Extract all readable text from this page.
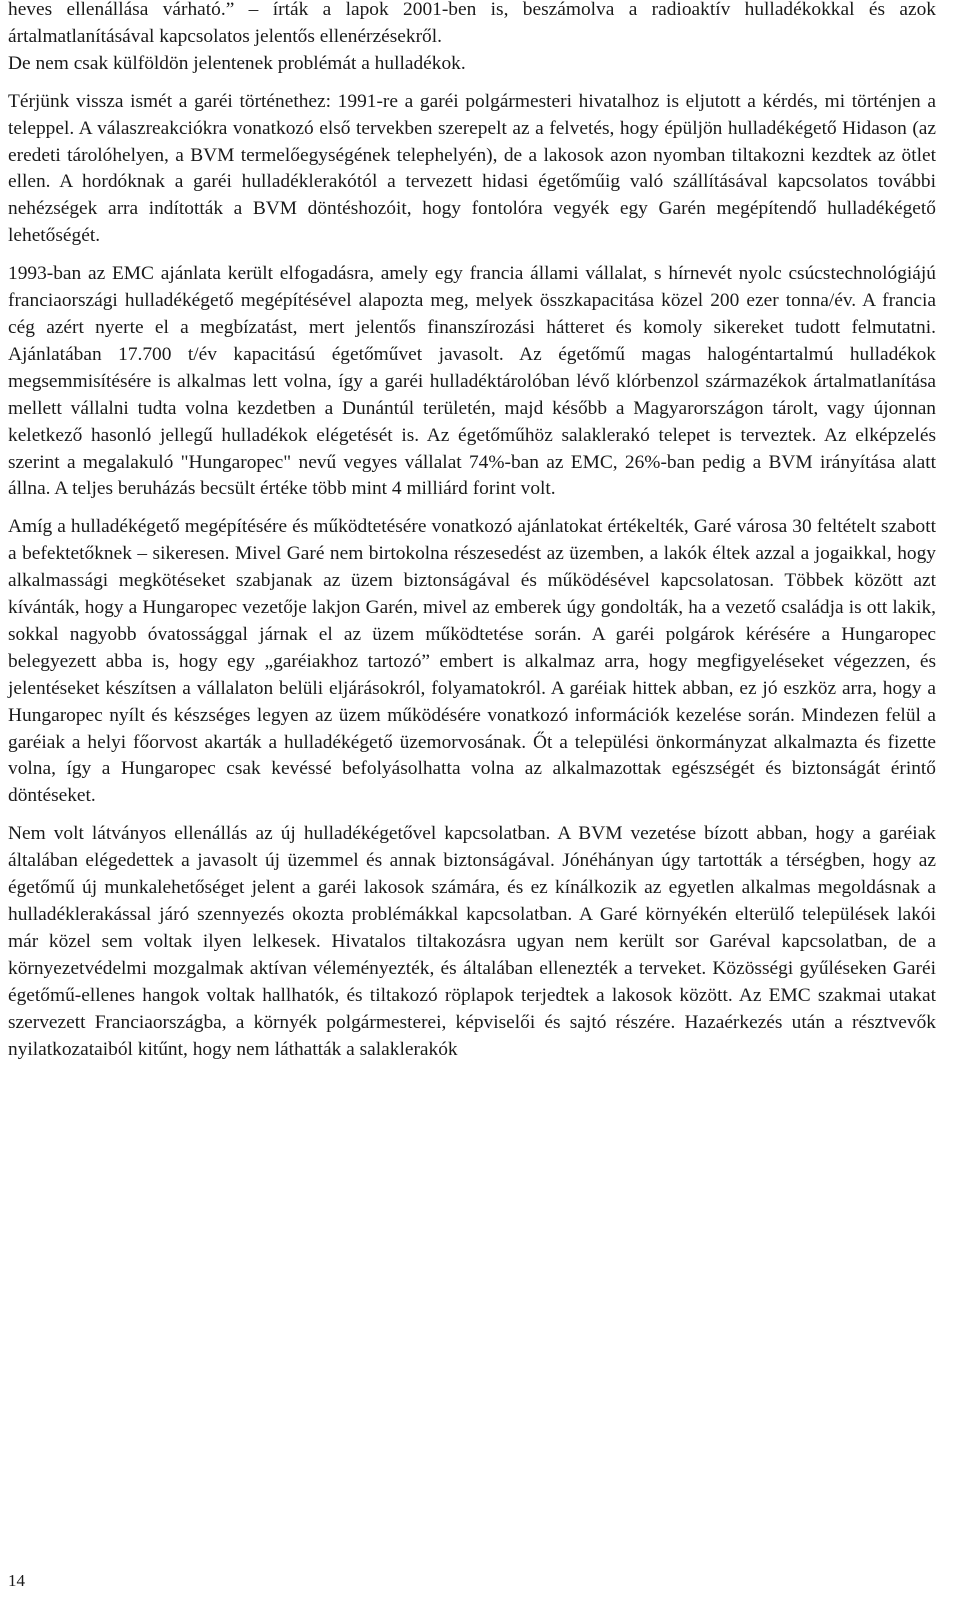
heves ellenállása várható.” – írták a lapok 2001-ben is, beszámolva a radioaktív hulladékokkal és azok ártalmatlanításával kapcsolatos jelentős ellenérzésekről.

De nem csak külföldön jelentenek problémát a hulladékok.

Térjünk vissza ismét a garéi történethez: 1991-re a garéi polgármesteri hivatalhoz is eljutott a kérdés, mi történjen a teleppel. A válaszreakciókra vonatkozó első tervekben szerepelt az a felvetés, hogy épüljön hulladékégető Hidason (az eredeti tárolóhelyen, a BVM termelőegységének telephelyén), de a lakosok azon nyomban tiltakozni kezdtek az ötlet ellen. A hordóknak a garéi hulladéklerakótól a tervezett hidasi égetőműig való szállításával kapcsolatos további nehézségek arra indították a BVM döntéshozóit, hogy fontolóra vegyék egy Garén megépítendő hulladékégető lehetőségét.

1993-ban az EMC ajánlata került elfogadásra, amely egy francia állami vállalat, s hírnevét nyolc csúcstechnológiájú franciaországi hulladékégető megépítésével alapozta meg, melyek összkapacitása közel 200 ezer tonna/év. A francia cég azért nyerte el a megbízatást, mert jelentős finanszírozási hátteret és komoly sikereket tudott felmutatni. Ajánlatában 17.700 t/év kapacitású égetőművet javasolt. Az égetőmű magas halogéntartalmú hulladékok megsemmisítésére is alkalmas lett volna, így a garéi hulladéktárolóban lévő klórbenzol származékok ártalmatlanítása mellett vállalni tudta volna kezdetben a Dunántúl területén, majd később a Magyarországon tárolt, vagy újonnan keletkező hasonló jellegű hulladékok elégetését is. Az égetőműhöz salaklerakó telepet is terveztek. Az elképzelés szerint a megalakuló "Hungaropec" nevű vegyes vállalat 74%-ban az EMC, 26%-ban pedig a BVM irányítása alatt állna. A teljes beruházás becsült értéke több mint 4 milliárd forint volt.

Amíg a hulladékégető megépítésére és működtetésére vonatkozó ajánlatokat értékelték, Garé városa 30 feltételt szabott a befektetőknek – sikeresen. Mivel Garé nem birtokolna részesedést az üzemben, a lakók éltek azzal a jogaikkal, hogy alkalmassági megkötéseket szabjanak az üzem biztonságával és működésével kapcsolatosan. Többek között azt kívánták, hogy a Hungaropec vezetője lakjon Garén, mivel az emberek úgy gondolták, ha a vezető családja is ott lakik, sokkal nagyobb óvatossággal járnak el az üzem működtetése során. A garéi polgárok kérésére a Hungaropec belegyezett abba is, hogy egy „garéiakhoz tartozó” embert is alkalmaz arra, hogy megfigyeléseket végezzen, és jelentéseket készítsen a vállalaton belüli eljárásokról, folyamatokról. A garéiak hittek abban, ez jó eszköz arra, hogy a Hungaropec nyílt és készséges legyen az üzem működésére vonatkozó információk kezelése során. Mindezen felül a garéiak a helyi főorvost akarták a hulladékégető üzemorvosának. Őt a települési önkormányzat alkalmazta és fizette volna, így a Hungaropec csak kevéssé befolyásolhatta volna az alkalmazottak egészségét és biztonságát érintő döntéseket.

Nem volt látványos ellenállás az új hulladékégetővel kapcsolatban. A BVM vezetése bízott abban, hogy a garéiak általában elégedettek a javasolt új üzemmel és annak biztonságával. Jónéhányan úgy tartották a térségben, hogy az égetőmű új munkalehetőséget jelent a garéi lakosok számára, és ez kínálkozik az egyetlen alkalmas megoldásnak a hulladéklerakással járó szennyezés okozta problémákkal kapcsolatban. A Garé környékén elterülő települések lakói már közel sem voltak ilyen lelkesek. Hivatalos tiltakozásra ugyan nem került sor Garéval kapcsolatban, de a környezetvédelmi mozgalmak aktívan véleményezték, és általában ellenezték a terveket. Közösségi gyűléseken Garéi égetőmű-ellenes hangok voltak hallhatók, és tiltakozó röplapok terjedtek a lakosok között. Az EMC szakmai utakat szervezett Franciaországba, a környék polgármesterei, képviselői és sajtó részére. Hazaérkezés után a résztvevők nyilatkozataiból kitűnt, hogy nem láthatták a salaklerakók

14
